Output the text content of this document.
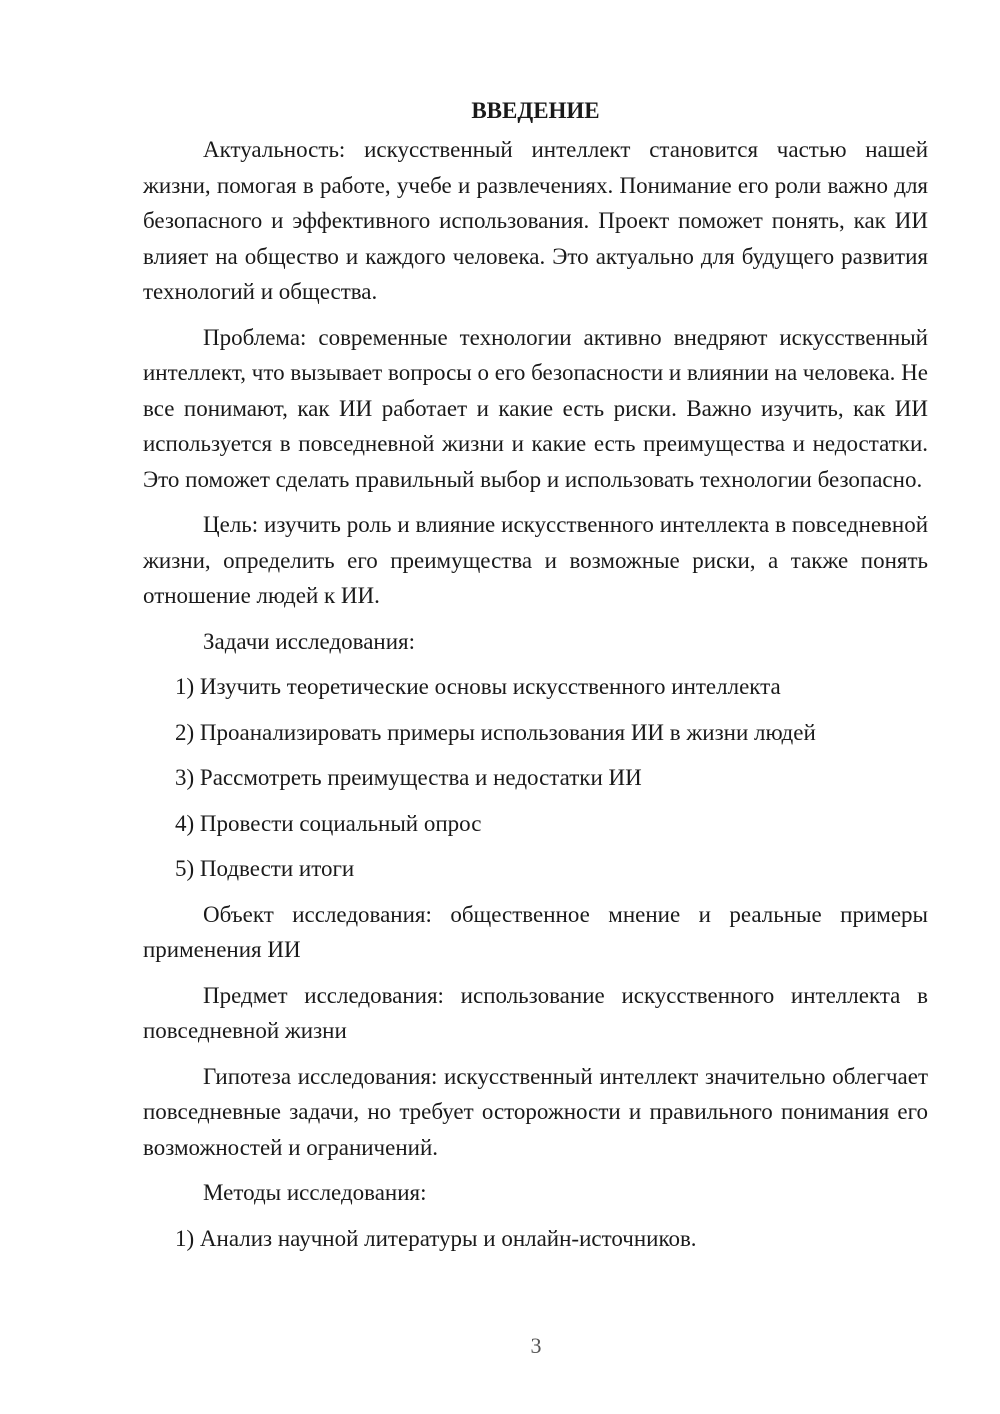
ВВЕДЕНИЕ

Актуальность: искусственный интеллект становится частью нашей жизни, помогая в работе, учебе и развлечениях. Понимание его роли важно для безопасного и эффективного использования. Проект поможет понять, как ИИ влияет на общество и каждого человека. Это актуально для будущего развития технологий и общества.

Проблема: современные технологии активно внедряют искусственный интеллект, что вызывает вопросы о его безопасности и влиянии на человека. Не все понимают, как ИИ работает и какие есть риски. Важно изучить, как ИИ используется в повседневной жизни и какие есть преимущества и недостатки. Это поможет сделать правильный выбор и использовать технологии безопасно.

Цель: изучить роль и влияние искусственного интеллекта в повседневной жизни, определить его преимущества и возможные риски, а также понять отношение людей к ИИ.

Задачи исследования:

1) Изучить теоретические основы искусственного интеллекта
2) Проанализировать примеры использования ИИ в жизни людей
3) Рассмотреть преимущества и недостатки ИИ
4) Провести социальный опрос
5) Подвести итоги

Объект исследования: общественное мнение и реальные примеры применения ИИ

Предмет исследования: использование искусственного интеллекта в повседневной жизни

Гипотеза исследования: искусственный интеллект значительно облегчает повседневные задачи, но требует осторожности и правильного понимания его возможностей и ограничений.

Методы исследования:

1) Анализ научной литературы и онлайн-источников.
3
